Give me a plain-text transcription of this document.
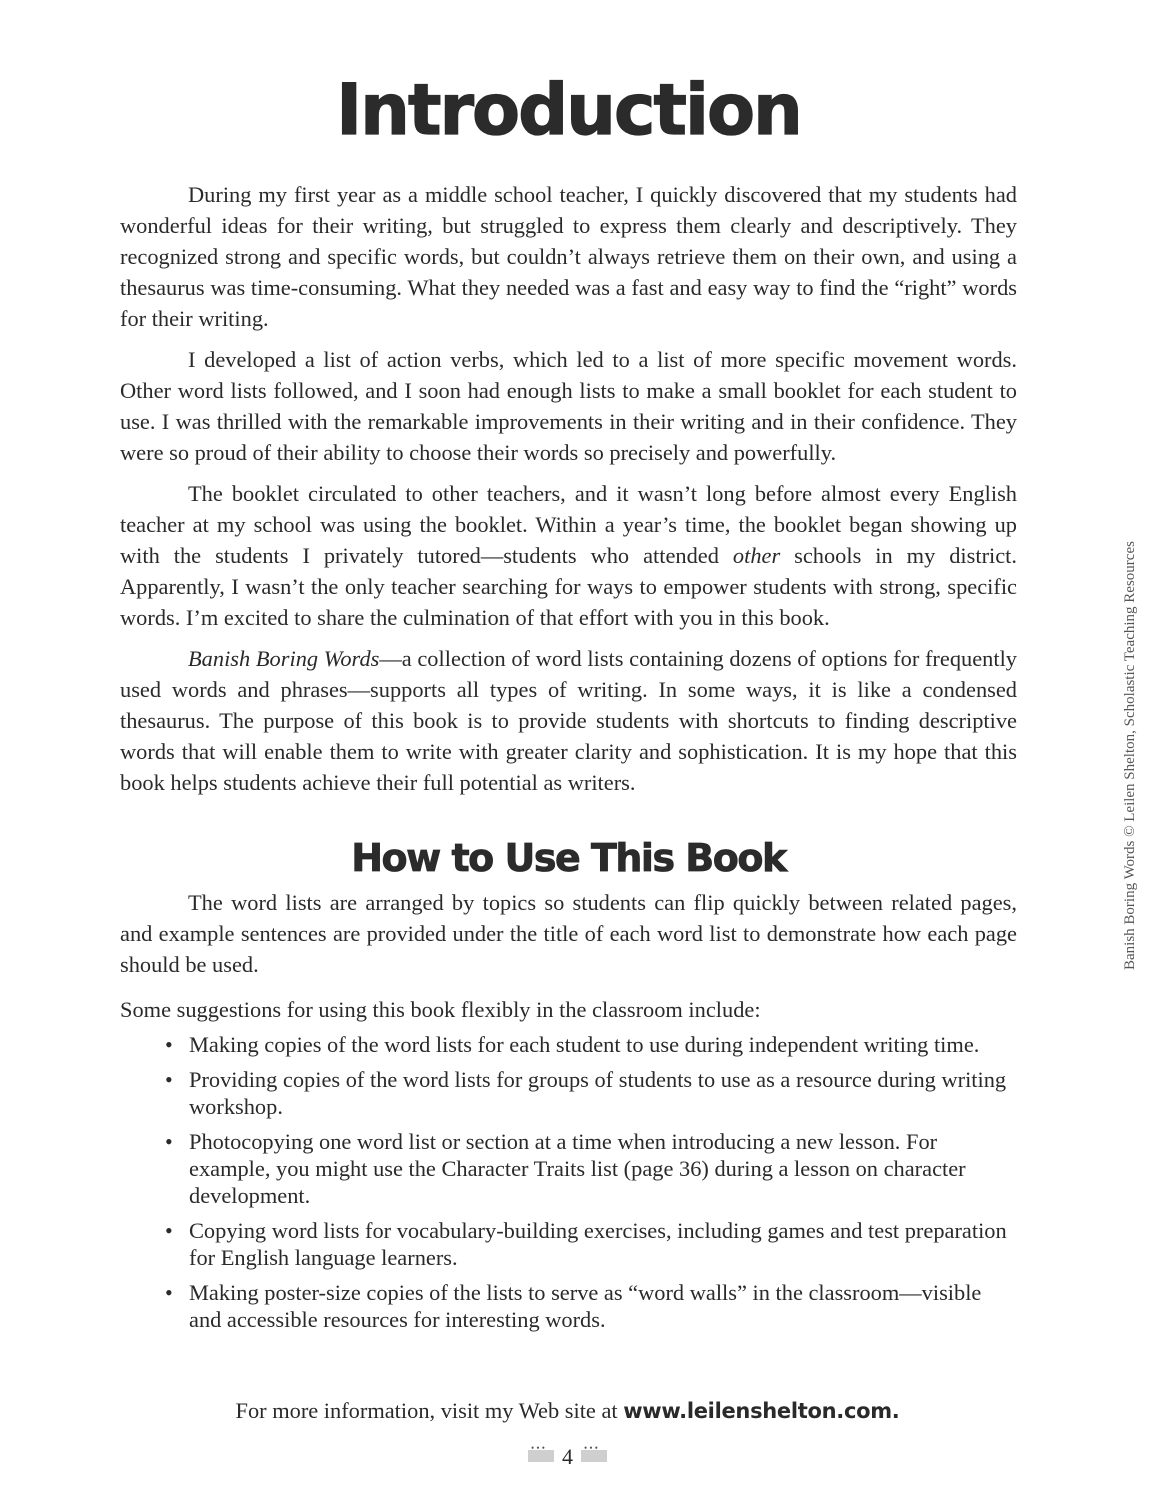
Introduction

During my first year as a middle school teacher, I quickly discovered that my students had wonderful ideas for their writing, but struggled to express them clearly and descriptively. They recognized strong and specific words, but couldn’t always retrieve them on their own, and using a thesaurus was time-consuming. What they needed was a fast and easy way to find the “right” words for their writing.

I developed a list of action verbs, which led to a list of more specific movement words. Other word lists followed, and I soon had enough lists to make a small booklet for each student to use. I was thrilled with the remarkable improvements in their writing and in their confidence. They were so proud of their ability to choose their words so precisely and powerfully.

The booklet circulated to other teachers, and it wasn’t long before almost every English teacher at my school was using the booklet. Within a year’s time, the booklet began showing up with the students I privately tutored—students who attended other schools in my district. Apparently, I wasn’t the only teacher searching for ways to empower students with strong, specific words. I’m excited to share the culmination of that effort with you in this book.

Banish Boring Words—a collection of word lists containing dozens of options for frequently used words and phrases—supports all types of writing. In some ways, it is like a condensed thesaurus. The purpose of this book is to provide students with shortcuts to finding descriptive words that will enable them to write with greater clarity and sophistication. It is my hope that this book helps students achieve their full potential as writers.

How to Use This Book

The word lists are arranged by topics so students can flip quickly between related pages, and example sentences are provided under the title of each word list to demonstrate how each page should be used.

Some suggestions for using this book flexibly in the classroom include:
• Making copies of the word lists for each student to use during independent writing time.
• Providing copies of the word lists for groups of students to use as a resource during writing workshop.
• Photocopying one word list or section at a time when introducing a new lesson. For example, you might use the Character Traits list (page 36) during a lesson on character development.
• Copying word lists for vocabulary-building exercises, including games and test preparation for English language learners.
• Making poster-size copies of the lists to serve as “word walls” in the classroom—visible and accessible resources for interesting words.
For more information, visit my Web site at www.leilenshelton.com.
• • •4• • •
Banish Boring Words © Leilen Shelton, Scholastic Teaching Resources
